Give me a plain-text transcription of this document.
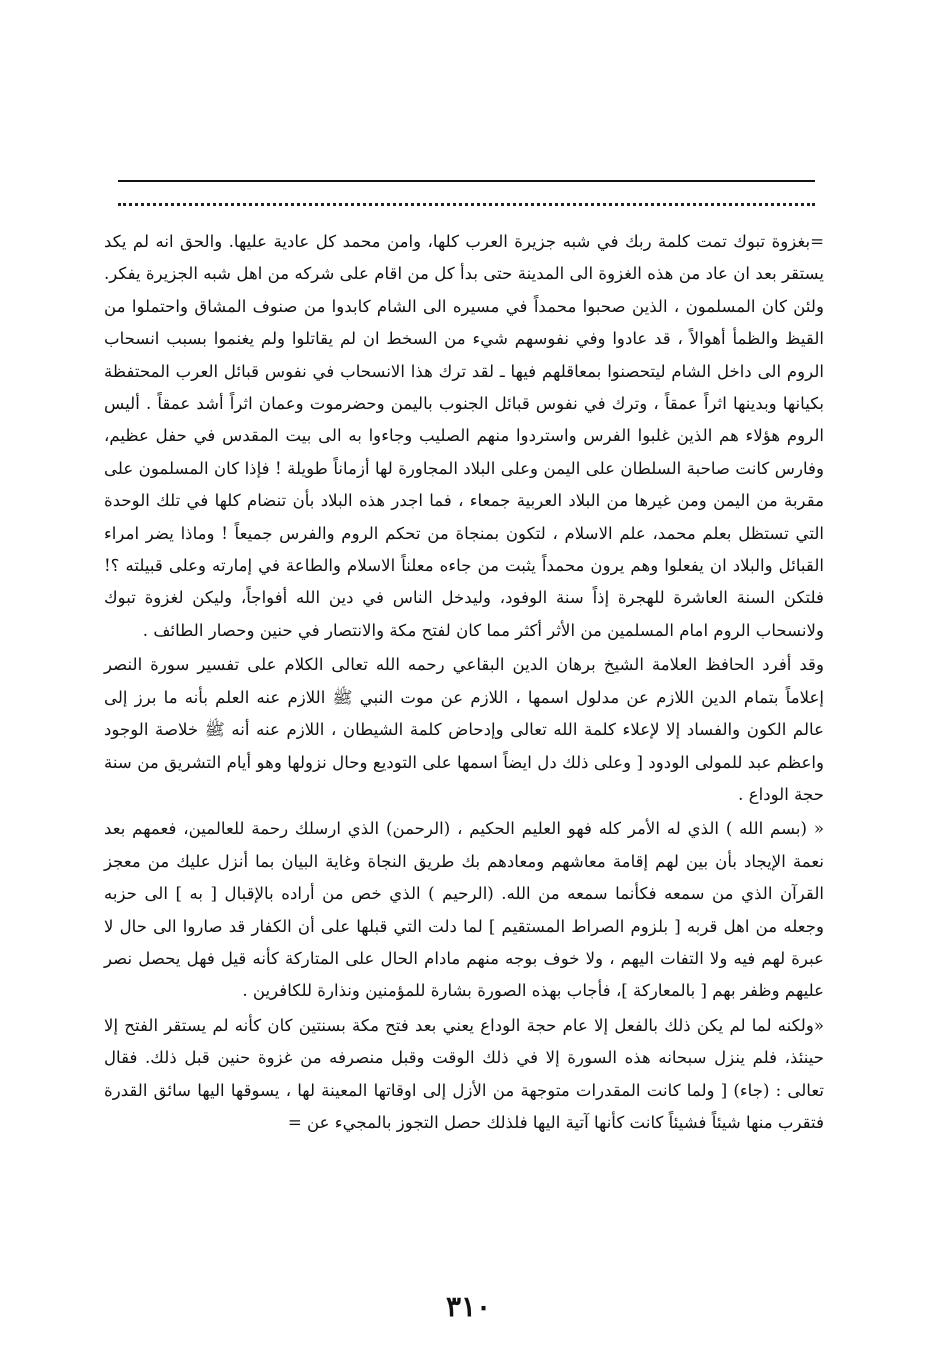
=بغزوة تبوك تمت كلمة ربك في شبه جزيرة العرب كلها، وامن محمد كل عادية عليها. والحق انه لم يكد يستقر بعد ان عاد من هذه الغزوة الى المدينة حتى بدأ كل من اقام على شركه من اهل شبه الجزيرة يفكر. ولئن كان المسلمون ، الذين صحبوا محمداً في مسيره الى الشام كابدوا من صنوف المشاق واحتملوا من القيظ والظمأ أهوالاً ، قد عادوا وفي نفوسهم شيء من السخط ان لم يقاتلوا ولم يغنموا بسبب انسحاب الروم الى داخل الشام ليتحصنوا بمعاقلهم فيها ـ لقد ترك هذا الانسحاب في نفوس قبائل العرب المحتفظة بكيانها وبدينها اثراً عمقاً ، وترك في نفوس قبائل الجنوب باليمن وحضرموت وعمان اثراً أشد عمقاً . أليس الروم هؤلاء هم الذين غلبوا الفرس واستردوا منهم الصليب وجاءوا به الى بيت المقدس في حفل عظيم، وفارس كانت صاحبة السلطان على اليمن وعلى البلاد المجاورة لها أزماناً طويلة ! فإذا كان المسلمون على مقربة من اليمن ومن غيرها من البلاد العربية جمعاء ، فما اجدر هذه البلاد بأن تنضام كلها في تلك الوحدة التي تستظل بعلم محمد، علم الاسلام ، لتكون بمنجاة من تحكم الروم والفرس جميعاً ! وماذا يضر امراء القبائل والبلاد ان يفعلوا وهم يرون محمداً يثبت من جاءه معلناً الاسلام والطاعة في إمارته وعلى قبيلته ؟! فلتكن السنة العاشرة للهجرة إذاً سنة الوفود، وليدخل الناس في دين الله أفواجاً، وليكن لغزوة تبوك ولانسحاب الروم امام المسلمين من الأثر أكثر مما كان لفتح مكة والانتصار في حنين وحصار الطائف .

وقد أفرد الحافظ العلامة الشيخ برهان الدين البقاعي رحمه الله تعالى الكلام على تفسير سورة النصر إعلاماً بتمام الدين اللازم عن مدلول اسمها ، اللازم عن موت النبي ﷺ اللازم عنه العلم بأنه ما برز إلى عالم الكون والفساد إلا لإعلاء كلمة الله تعالى وإدحاض كلمة الشيطان ، اللازم عنه أنه ﷺ خلاصة الوجود واعظم عبد للمولى الودود [ وعلى ذلك دل ايضاً اسمها على التوديع وحال نزولها وهو أيام التشريق من سنة حجة الوداع .

« (بسم الله ) الذي له الأمر كله فهو العليم الحكيم ، (الرحمن) الذي ارسلك رحمة للعالمين، فعمهم بعد نعمة الإيجاد بأن بين لهم إقامة معاشهم ومعادهم بك طريق النجاة وغاية البيان بما أنزل عليك من معجز القرآن الذي من سمعه فكأنما سمعه من الله. (الرحيم ) الذي خص من أراده بالإقبال [ به ] الى حزبه وجعله من اهل قربه [ بلزوم الصراط المستقيم ] لما دلت التي قبلها على أن الكفار قد صاروا الى حال لا عبرة لهم فيه ولا التفات اليهم ، ولا خوف بوجه منهم مادام الحال على المتاركة كأنه قيل فهل يحصل نصر عليهم وظفر بهم [ بالمعاركة ]، فأجاب بهذه الصورة بشارة للمؤمنين ونذارة للكافرين .

«ولكنه لما لم يكن ذلك بالفعل إلا عام حجة الوداع يعني بعد فتح مكة بسنتين كان كأنه لم يستقر الفتح إلا حينئذ، فلم ينزل سبحانه هذه السورة إلا في ذلك الوقت وقبل منصرفه من غزوة حنين قبل ذلك. فقال تعالى : (جاء) [ ولما كانت المقدرات متوجهة من الأزل إلى اوقاتها المعينة لها ، يسوقها اليها سائق القدرة فتقرب منها شيئاً فشيئاً كانت كأنها آتية اليها فلذلك حصل التجوز بالمجيء عن =

٣١٠
